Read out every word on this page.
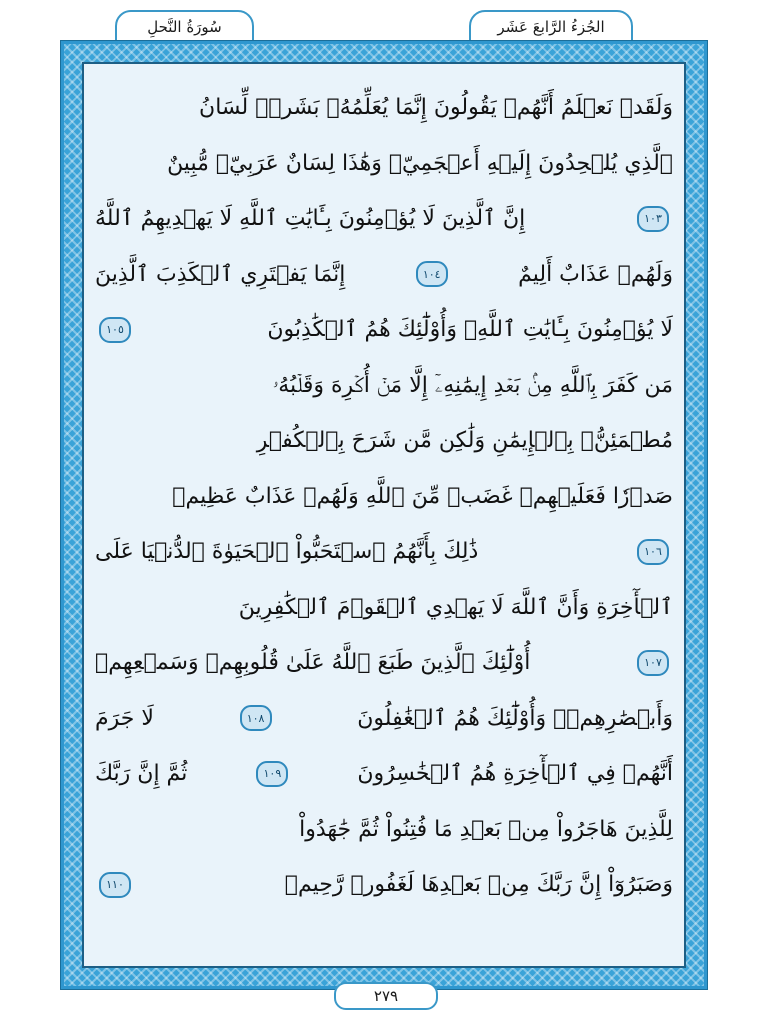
الجُزءُ الرَّابعَ عَشَر
سُورَةُ النَّحلِ
وَلَقَدۡ نَعۡلَمُ أَنَّهُمۡ يَقُولُونَ إِنَّمَا يُعَلِّمُهُۥ بَشَرٞۗ لِّسَانُ
ٱلَّذِي يُلۡحِدُونَ إِلَيۡهِ أَعۡجَمِيّٞ وَهَٰذَا لِسَانٌ عَرَبِيّٞ مُّبِينٌ
١٠٣
إِنَّ ٱلَّذِينَ لَا يُؤۡمِنُونَ بِـَٔايَٰتِ ٱللَّهِ لَا يَهۡدِيهِمُ ٱللَّهُ
وَلَهُمۡ عَذَابٌ أَلِيمٌ
١٠٤
إِنَّمَا يَفۡتَرِي ٱلۡكَذِبَ ٱلَّذِينَ
لَا يُؤۡمِنُونَ بِـَٔايَٰتِ ٱللَّهِۖ وَأُوْلَٰٓئِكَ هُمُ ٱلۡكَٰذِبُونَ
١٠٥
مَن كَفَرَ بِٱللَّهِ مِنۢ بَعۡدِ إِيمَٰنِهِۦٓ إِلَّا مَنۡ أُكۡرِهَ وَقَلۡبُهُۥ
مُطۡمَئِنُّۢ بِٱلۡإِيمَٰنِ وَلَٰكِن مَّن شَرَحَ بِٱلۡكُفۡرِ
صَدۡرٗا فَعَلَيۡهِمۡ غَضَبٞ مِّنَ ٱللَّهِ وَلَهُمۡ عَذَابٌ عَظِيمٞ
١٠٦
ذَٰلِكَ بِأَنَّهُمُ ٱسۡتَحَبُّواْ ٱلۡحَيَوٰةَ ٱلدُّنۡيَا عَلَى
ٱلۡأٓخِرَةِ وَأَنَّ ٱللَّهَ لَا يَهۡدِي ٱلۡقَوۡمَ ٱلۡكَٰفِرِينَ
١٠٧
أُوْلَٰٓئِكَ ٱلَّذِينَ طَبَعَ ٱللَّهُ عَلَىٰ قُلُوبِهِمۡ وَسَمۡعِهِمۡ
وَأَبۡصَٰرِهِمۡۖ وَأُوْلَٰٓئِكَ هُمُ ٱلۡغَٰفِلُونَ
١٠٨
لَا جَرَمَ
أَنَّهُمۡ فِي ٱلۡأٓخِرَةِ هُمُ ٱلۡخَٰسِرُونَ
١٠٩
ثُمَّ إِنَّ رَبَّكَ
لِلَّذِينَ هَاجَرُواْ مِنۢ بَعۡدِ مَا فُتِنُواْ ثُمَّ جَٰهَدُواْ
وَصَبَرُوٓاْ إِنَّ رَبَّكَ مِنۢ بَعۡدِهَا لَغَفُورٞ رَّحِيمٞ
١١٠
٢٧٩
